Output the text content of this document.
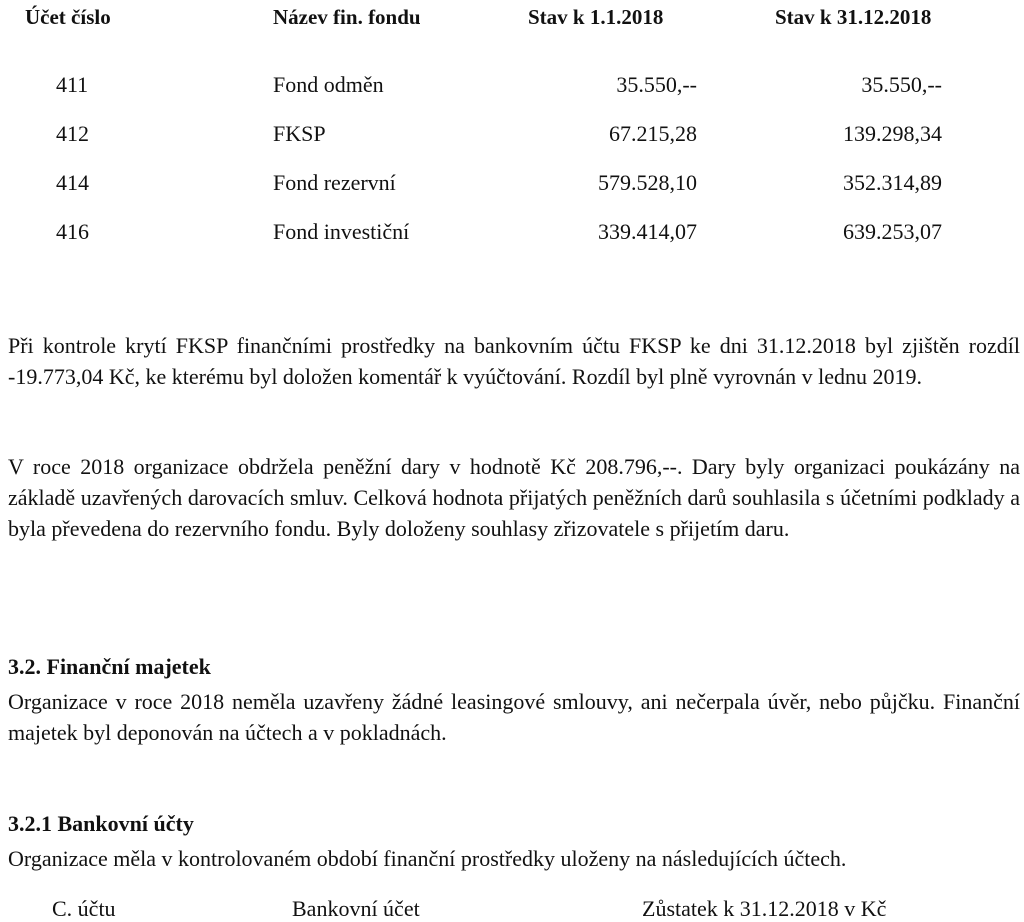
Účet číslo	Název fin. fondu	Stav k 1.1.2018	Stav k 31.12.2018
411	Fond odměn	35.550,--	35.550,--
412	FKSP	67.215,28	139.298,34
414	Fond rezervní	579.528,10	352.314,89
416	Fond investiční	339.414,07	639.253,07
Při kontrole krytí FKSP finančními prostředky na bankovním účtu FKSP ke dni 31.12.2018 byl zjištěn rozdíl -19.773,04 Kč, ke kterému byl doložen komentář k vyúčtování. Rozdíl byl plně vyrovnán v lednu 2019.
V roce 2018 organizace obdržela peněžní dary v hodnotě Kč 208.796,--. Dary byly organizaci poukázány na základě uzavřených darovacích smluv. Celková hodnota přijatých peněžních darů souhlasila s účetními podklady a byla převedena do rezervního fondu. Byly doloženy souhlasy zřizovatele s přijetím daru.
3.2. Finanční majetek
Organizace v roce 2018 neměla uzavřeny žádné leasingové smlouvy, ani nečerpala úvěr, nebo půjčku. Finanční majetek byl deponován na účtech a v pokladnách.
3.2.1 Bankovní účty
Organizace měla v kontrolovaném období finanční prostředky uloženy na následujících účtech.
C. účtu	Bankovní účet	Zůstatek k 31.12.2018 v Kč
